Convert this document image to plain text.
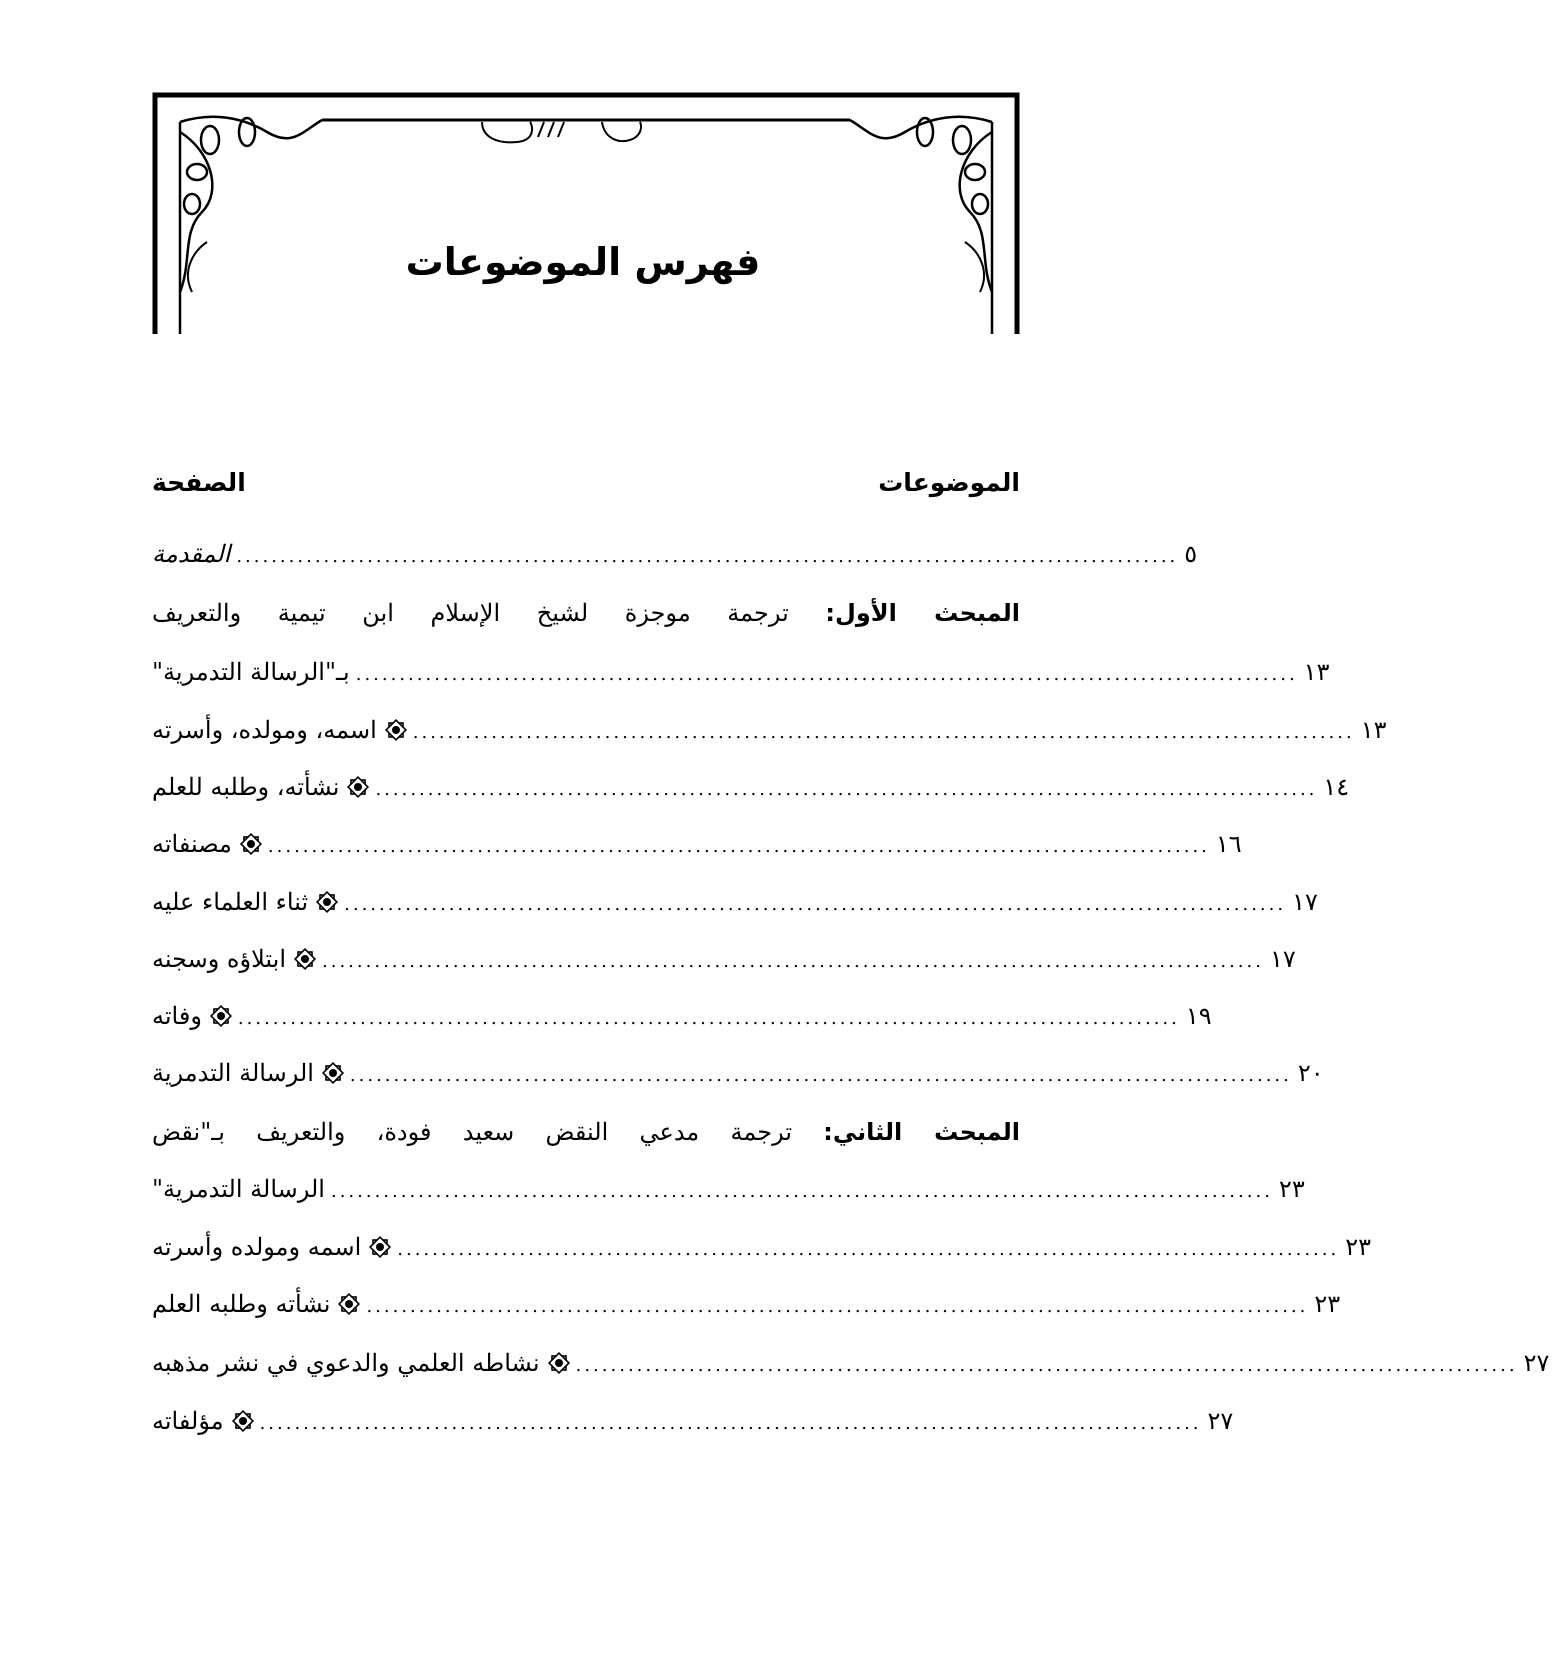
فهرس الموضوعات
الموضوعات
الصفحة
المقدمة ............................................................................................................ ٥
المبحث الأول: ترجمة موجزة لشيخ الإسلام ابن تيمية والتعريف
بـ"الرسالة التدمرية" ............................................................................................................ ١٣
اسمه، ومولده، وأسرته	............................................................................................................ ١٣
نشأته، وطلبه للعلم	............................................................................................................ ١٤
مصنفاته	............................................................................................................ ١٦
ثناء العلماء عليه	............................................................................................................ ١٧
ابتلاؤه وسجنه	............................................................................................................ ١٧
وفاته	............................................................................................................ ١٩
الرسالة التدمرية	............................................................................................................ ٢٠
المبحث الثاني: ترجمة مدعي النقض سعيد فودة، والتعريف بـ"نقض
الرسالة التدمرية" ............................................................................................................ ٢٣
اسمه ومولده وأسرته	............................................................................................................ ٢٣
نشأته وطلبه العلم	............................................................................................................ ٢٣
نشاطه العلمي والدعوي في نشر مذهبه	............................................................................................................ ٢٧
مؤلفاته	............................................................................................................ ٢٧
